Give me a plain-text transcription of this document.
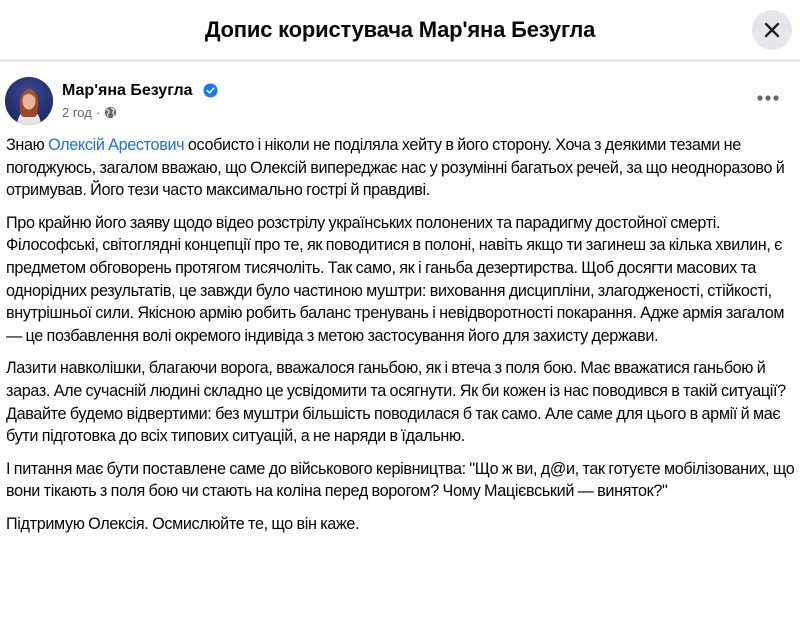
Допис користувача Мар'яна Безугла
Мар'яна Безугла
2 год ·

Знаю Олексій Арестович особисто і ніколи не поділяла хейту в його сторону. Хоча з деякими тезами не погоджуюсь, загалом вважаю, що Олексій випереджає нас у розумінні багатьох речей, за що неодноразово й отримував. Його тези часто максимально гострі й правдиві.

Про крайню його заяву щодо відео розстрілу українських полонених та парадигму достойної смерті. Філософські, світоглядні концепції про те, як поводитися в полоні, навіть якщо ти загинеш за кілька хвилин, є предметом обговорень протягом тисячоліть. Так само, як і ганьба дезертирства. Щоб досягти масових та однорідних результатів, це завжди було частиною муштри: виховання дисципліни, злагодженості, стійкості, внутрішньої сили. Якісною армію робить баланс тренувань і невідворотності покарання. Адже армія загалом — це позбавлення волі окремого індивіда з метою застосування його для захисту держави.

Лазити навколішки, благаючи ворога, вважалося ганьбою, як і втеча з поля бою. Має вважатися ганьбою й зараз. Але сучасній людині складно це усвідомити та осягнути. Як би кожен із нас поводився в такій ситуації? Давайте будемо відвертими: без муштри більшість поводилася б так само. Але саме для цього в армії й має бути підготовка до всіх типових ситуацій, а не наряди в їдальню.

І питання має бути поставлене саме до військового керівництва: "Що ж ви, д@и, так готуєте мобілізованих, що вони тікають з поля бою чи стають на коліна перед ворогом? Чому Мацієвський — виняток?"

Підтримую Олексія. Осмислюйте те, що він каже.
